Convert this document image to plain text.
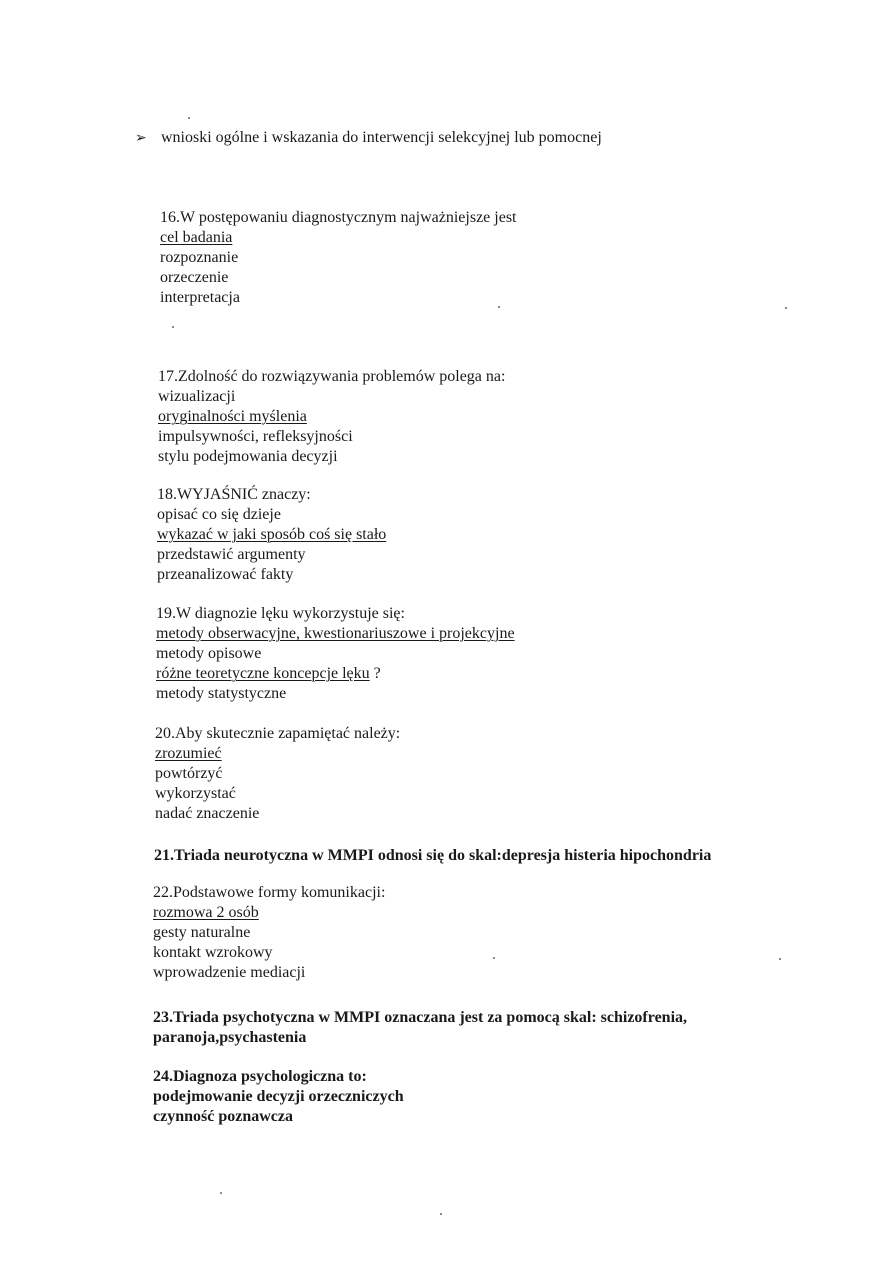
➢ wnioski ogólne i wskazania do interwencji selekcyjnej lub pomocnej
16.W postępowaniu diagnostycznym najważniejsze jest
cel badania
rozpoznanie
orzeczenie
interpretacja
17.Zdolność do rozwiązywania problemów polega na:
wizualizacji
oryginalności myślenia
impulsywności, refleksyjności
stylu podejmowania decyzji
18.WYJAŚNIĆ znaczy:
opisać co się dzieje
wykazać w jaki sposób coś się stało
przedstawić argumenty
przeanalizować fakty
19.W diagnozie lęku wykorzystuje się:
metody obserwacyjne, kwestionariuszowe i projekcyjne
metody opisowe
różne teoretyczne koncepcje lęku ?
metody statystyczne
20.Aby skutecznie zapamiętać należy:
zrozumieć
powtórzyć
wykorzystać
nadać znaczenie
21.Triada neurotyczna w MMPI odnosi się do skal:depresja histeria hipochondria
22.Podstawowe formy komunikacji:
rozmowa 2 osób
gesty naturalne
kontakt wzrokowy
wprowadzenie mediacji
23.Triada psychotyczna w MMPI oznaczana jest za pomocą skal: schizofrenia,
paranoja,psychastenia
24.Diagnoza psychologiczna to:
podejmowanie decyzji orzeczniczych
czynność poznawcza
